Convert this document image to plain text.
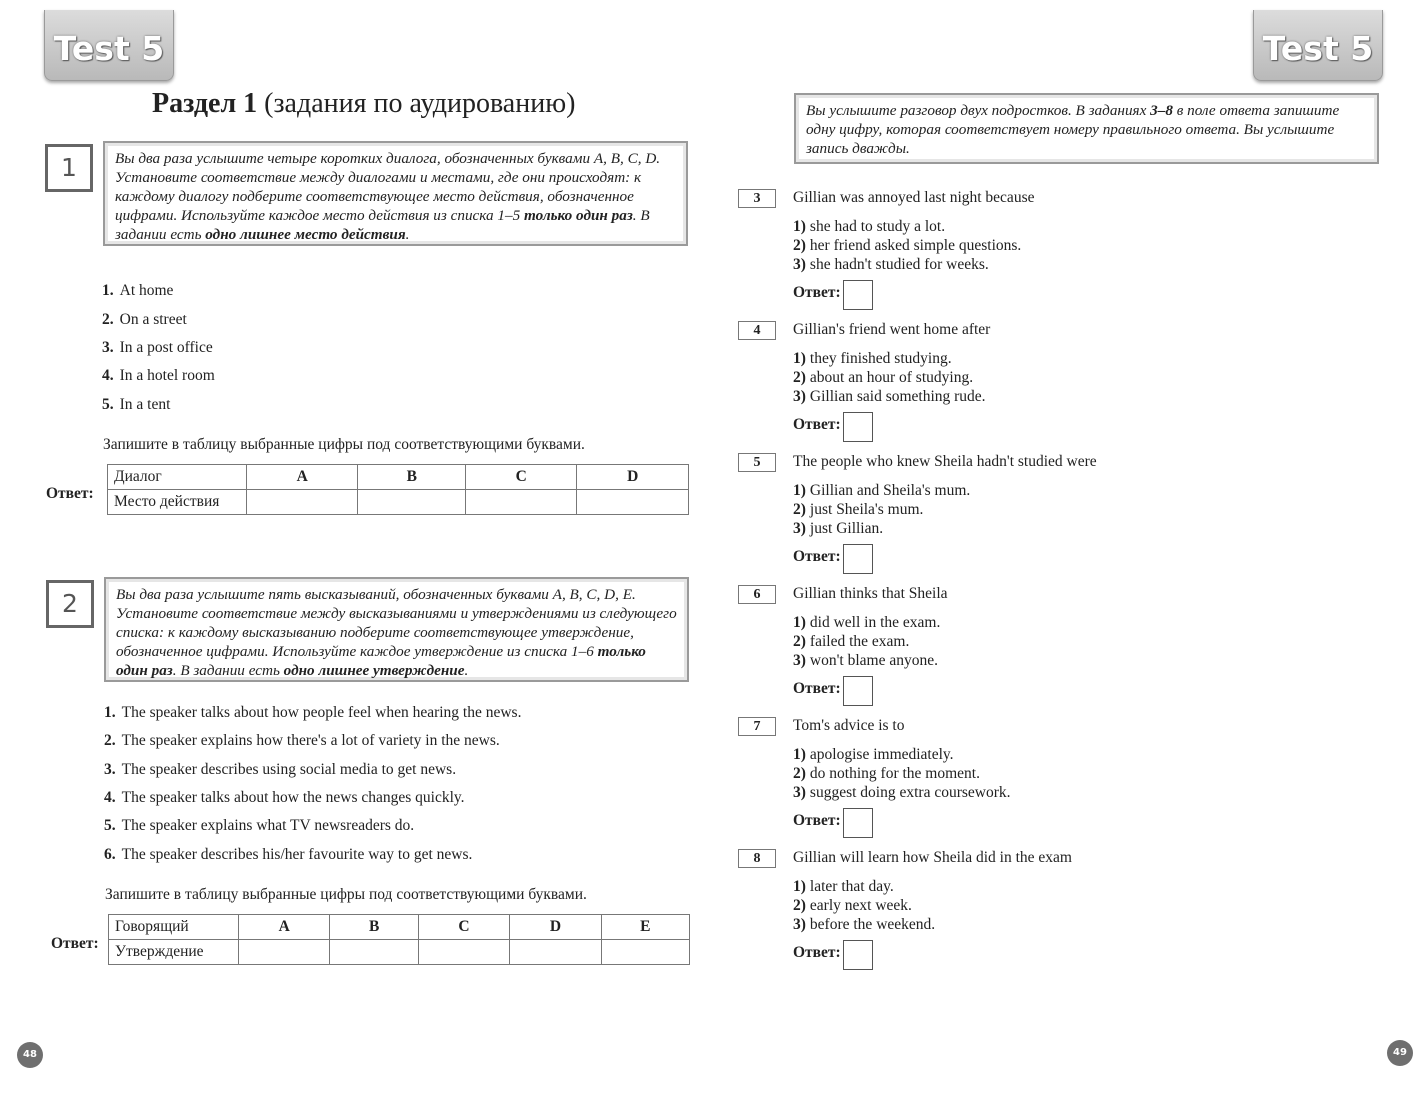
Test 5	Test 5
Раздел 1 (задания по аудированию)
1	Вы два раза услышите четыре коротких диалога, обозначенных буквами A, B, C, D. Установите соответствие между диалогами и местами, где они происходят: к каждому диалогу подберите соответствующее место действия, обозначенное цифрами. Используйте каждое место действия из списка 1–5 только один раз. В задании есть одно лишнее место действия.
1. At home
2. On a street
3. In a post office
4. In a hotel room
5. In a tent
Запишите в таблицу выбранные цифры под соответствующими буквами.
Ответ:
Диалог	A	B	C	D
Место действия				
2	Вы два раза услышите пять высказываний, обозначенных буквами A, B, C, D, E. Установите соответствие между высказываниями и утверждениями из следующего списка: к каждому высказыванию подберите соответствующее утверждение, обозначенное цифрами. Используйте каждое утверждение из списка 1–6 только один раз. В задании есть одно лишнее утверждение.
1. The speaker talks about how people feel when hearing the news.
2. The speaker explains how there's a lot of variety in the news.
3. The speaker describes using social media to get news.
4. The speaker talks about how the news changes quickly.
5. The speaker explains what TV newsreaders do.
6. The speaker describes his/her favourite way to get news.
Запишите в таблицу выбранные цифры под соответствующими буквами.
Ответ:
Говорящий	A	B	C	D	E
Утверждение					
Вы услышите разговор двух подростков. В заданиях 3–8 в поле ответа запишите одну цифру, которая соответствует номеру правильного ответа. Вы услышите запись дважды.
3	Gillian was annoyed last night because
1) she had to study a lot.
2) her friend asked simple questions.
3) she hadn't studied for weeks.
Ответ:
4	Gillian's friend went home after
1) they finished studying.
2) about an hour of studying.
3) Gillian said something rude.
Ответ:
5	The people who knew Sheila hadn't studied were
1) Gillian and Sheila's mum.
2) just Sheila's mum.
3) just Gillian.
Ответ:
6	Gillian thinks that Sheila
1) did well in the exam.
2) failed the exam.
3) won't blame anyone.
Ответ:
7	Tom's advice is to
1) apologise immediately.
2) do nothing for the moment.
3) suggest doing extra coursework.
Ответ:
8	Gillian will learn how Sheila did in the exam
1) later that day.
2) early next week.
3) before the weekend.
Ответ:
48	49
